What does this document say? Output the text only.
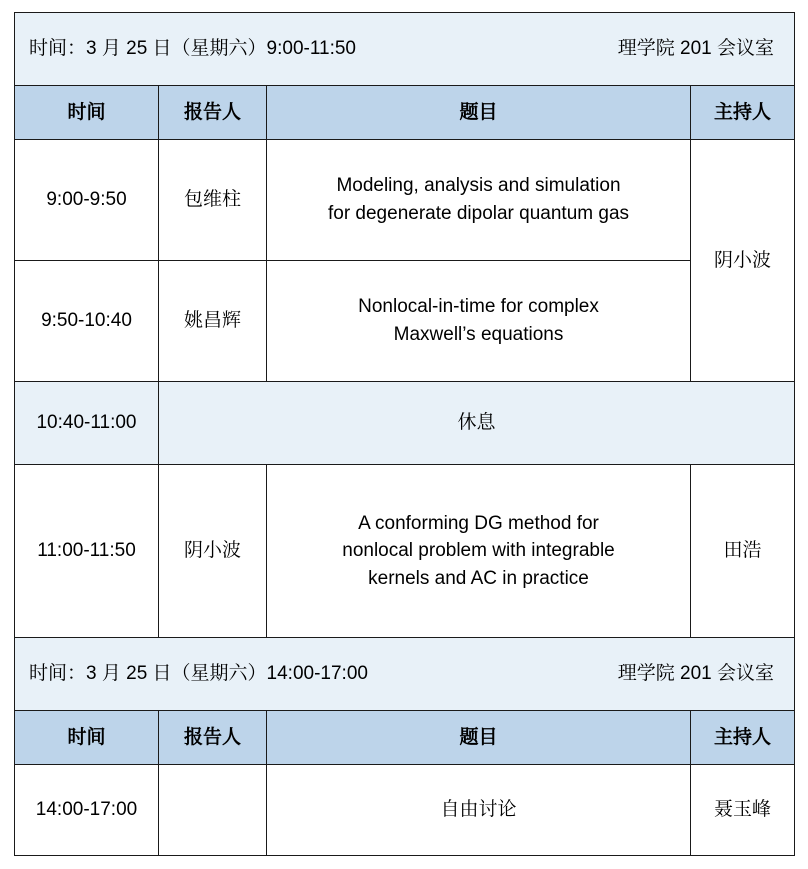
时间：3 月 25 日（星期六）9:00-11:50 理学院 201 会议室			

时间	报告人	题目	主持人
9:00-9:50	包维柱	Modeling, analysis and simulation
for degenerate dipolar quantum gas	阴小波
9:50-10:40	姚昌辉	Nonlocal-in-time for complex
Maxwell’s equations	

10:40-11:00	休息		
11:00-11:50	阴小波	A conforming DG method for
nonlocal problem with integrable
kernels and AC in practice	田浩

时间：3 月 25 日（星期六）14:00-17:00 理学院 201 会议室			

时间	报告人	题目	主持人
14:00-17:00		自由讨论	聂玉峰
